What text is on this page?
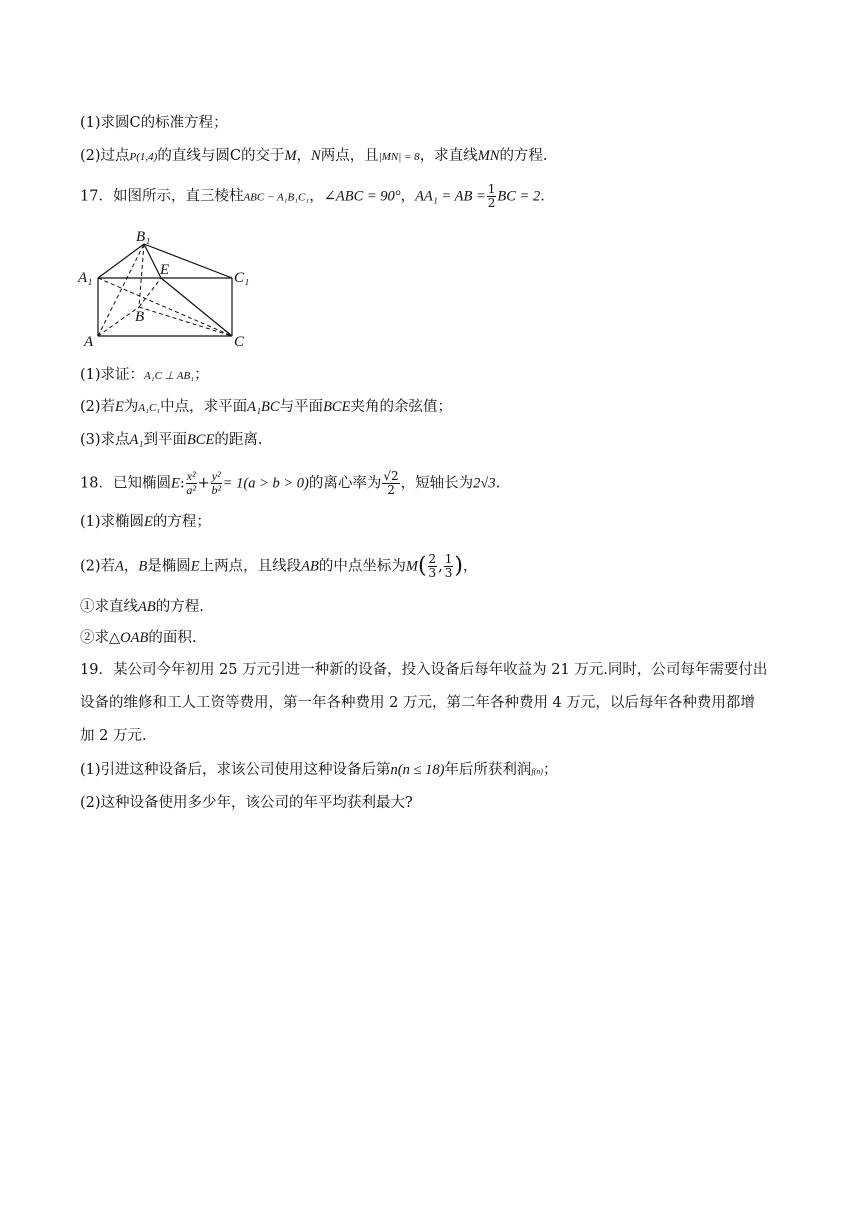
(1)求圆C的标准方程；
(2)过点P(1,4)的直线与圆C的交于M，N两点，且|MN| = 8，求直线MN的方程.
17．如图所示，直三棱柱ABC − A₁B₁C₁，∠ABC = 90°，AA₁ = AB = $\frac{1}{2}$ BC = 2.
B₁
A₁	E	C₁
B
A	C
(1)求证：A₁C ⊥ AB₁；
(2)若E为A₁C₁中点，求平面A₁BC与平面BCE夹角的余弦值；
(3)求点A₁到平面BCE的距离.
18．已知椭圆E: $\frac{\text{x²}}{\text{a²}} + \frac{\text{y²}}{\text{b²}} = 1(a > b > 0)$的离心率为 $\frac{√2}{2}$ ，短轴长为2√3.
(1)求椭圆E的方程；
(2)若A，B是椭圆E上两点，且线段AB的中点坐标为$M( \frac{2}{3}$ , $\frac{1}{3}$ )，
①求直线AB的方程.
②求△OAB的面积.
19．某公司今年初用 25 万元引进一种新的设备，投入设备后每年收益为 21 万元.同时，公司每年需要付出
设备的维修和工人工资等费用，第一年各种费用 2 万元，第二年各种费用 4 万元，以后每年各种费用都增
加 2 万元.
(1)引进这种设备后，求该公司使用这种设备后第n(n ≤ 18)年后所获利润f(n)；
(2)这种设备使用多少年，该公司的年平均获利最大?
